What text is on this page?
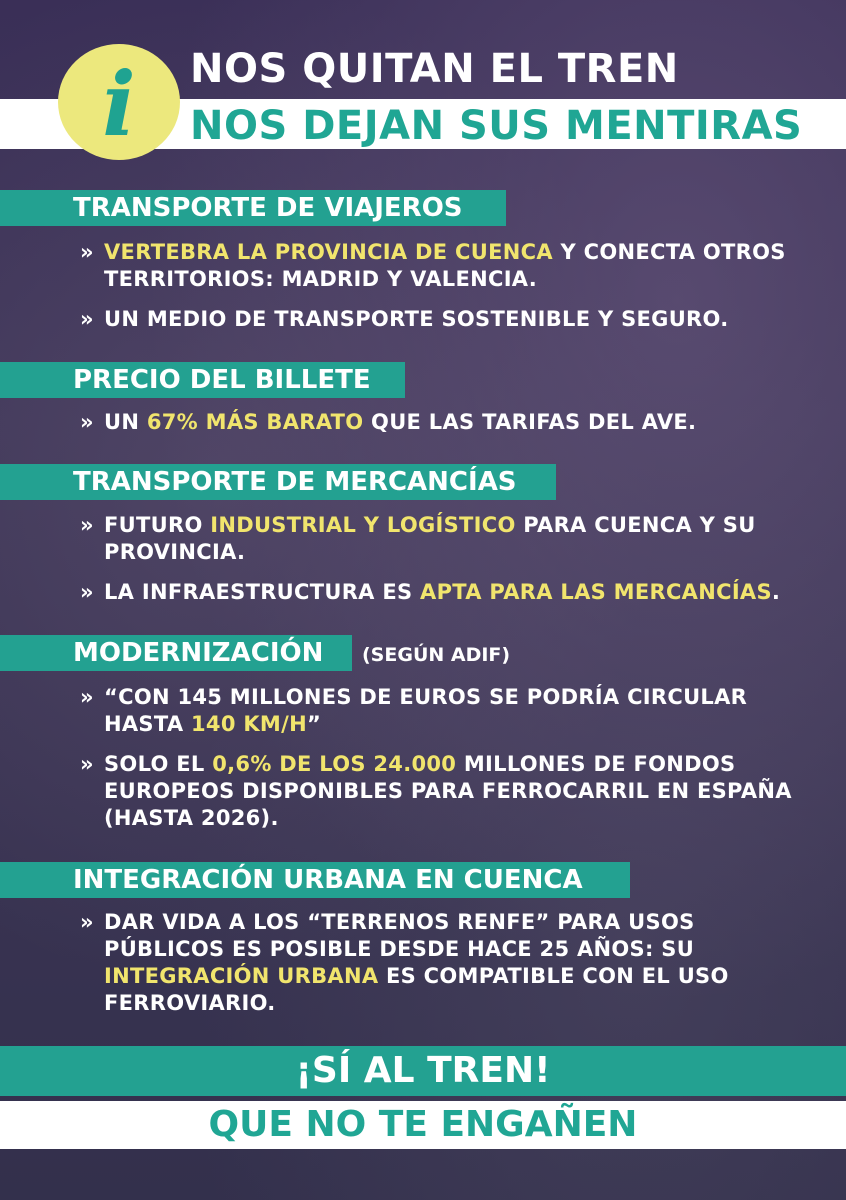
i NOS QUITAN EL TREN
NOS DEJAN SUS MENTIRAS
TRANSPORTE DE VIAJEROS

» VERTEBRA LA PROVINCIA DE CUENCA Y CONECTA OTROS TERRITORIOS: MADRID Y VALENCIA.

» UN MEDIO DE TRANSPORTE SOSTENIBLE Y SEGURO.

PRECIO DEL BILLETE

» UN 67% MÁS BARATO QUE LAS TARIFAS DEL AVE.

TRANSPORTE DE MERCANCÍAS

» FUTURO INDUSTRIAL Y LOGÍSTICO PARA CUENCA Y SU PROVINCIA.

» LA INFRAESTRUCTURA ES APTA PARA LAS MERCANCÍAS.

MODERNIZACIÓN	(SEGÚN ADIF)

» “CON 145 MILLONES DE EUROS SE PODRÍA CIRCULAR HASTA 140 KM/H”

» SOLO EL 0,6% DE LOS 24.000 MILLONES DE FONDOS EUROPEOS DISPONIBLES PARA FERROCARRIL EN ESPAÑA (HASTA 2026).

INTEGRACIÓN URBANA EN CUENCA

» DAR VIDA A LOS “TERRENOS RENFE” PARA USOS PÚBLICOS ES POSIBLE DESDE HACE 25 AÑOS: SU INTEGRACIÓN URBANA ES COMPATIBLE CON EL USO FERROVIARIO.

¡SÍ AL TREN!
QUE NO TE ENGAÑEN
